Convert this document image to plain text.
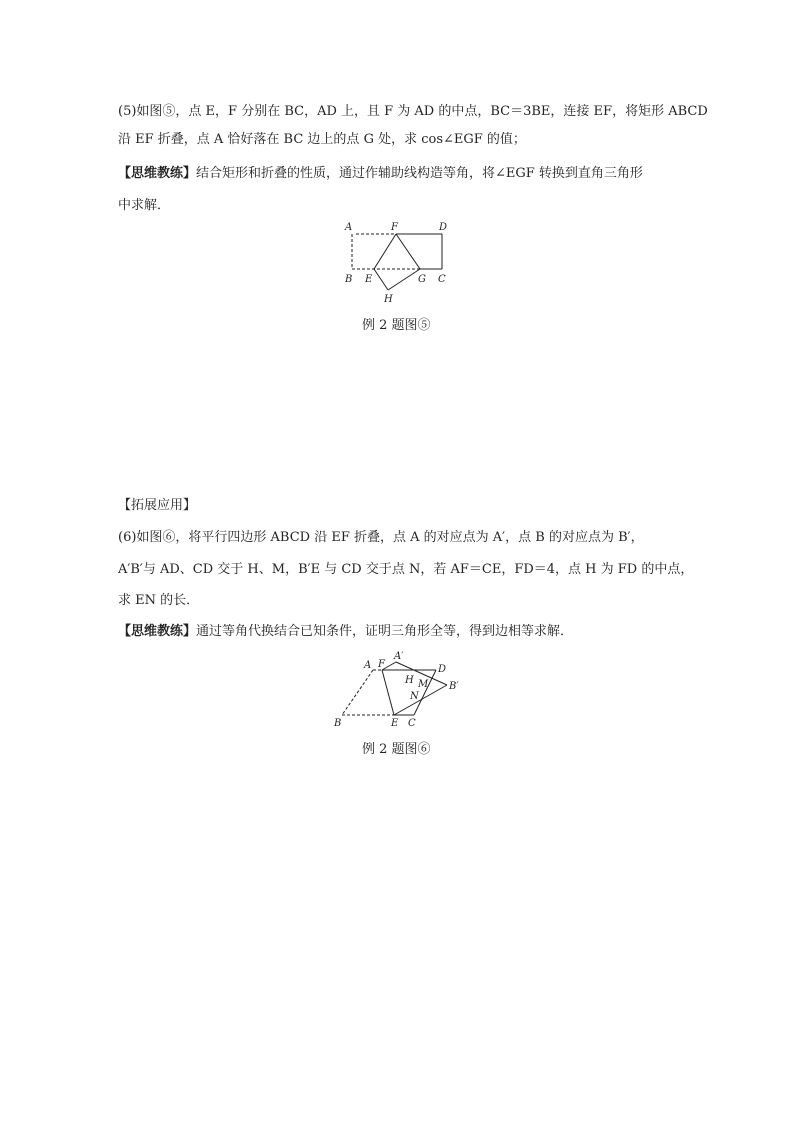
(5)如图⑤，点 E，F 分别在 BC，AD 上，且 F 为 AD 的中点，BC＝3BE，连接 EF，将矩形 ABCD
沿 EF 折叠，点 A 恰好落在 BC 边上的点 G 处，求 cos∠EGF 的值；
【思维教练】结合矩形和折叠的性质，通过作辅助线构造等角，将∠EGF 转换到直角三角形
中求解．
A	F	D
B E	G C
H
例 2 题图⑤
【拓展应用】
(6)如图⑥，将平行四边形 ABCD 沿 EF 折叠，点 A 的对应点为 A′，点 B 的对应点为 B′，
A′B′与 AD、CD 交于 H、M，B′E 与 CD 交于点 N，若 AF＝CE，FD＝4，点 H 为 FD 的中点，
求 EN 的长．
【思维教练】通过等角代换结合已知条件，证明三角形全等，得到边相等求解．
A F
A′
D
H M B′
N
B	E C
例 2 题图⑥
